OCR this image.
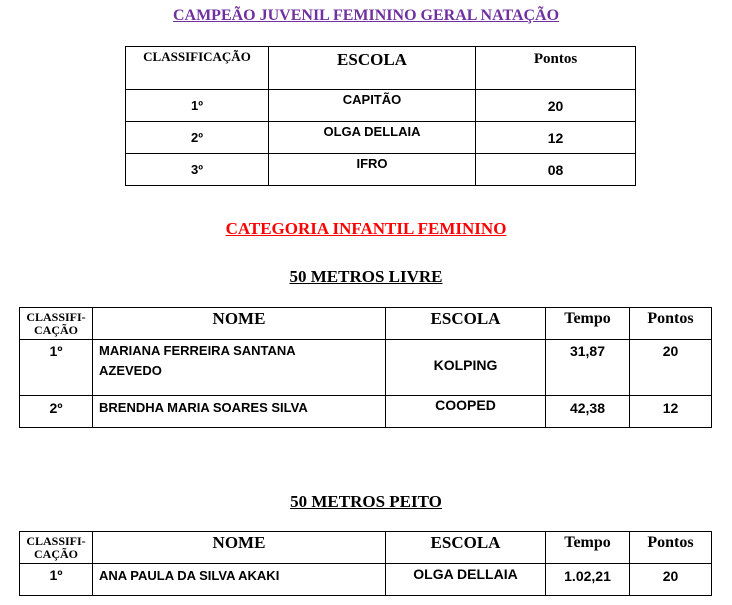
CAMPEÃO JUVENIL FEMININO GERAL NATAÇÃO
CLASSIFICAÇÃO	ESCOLA	Pontos
1º	CAPITÃO	20
2º	OLGA DELLAIA	12
3º	IFRO	08
CATEGORIA INFANTIL FEMININO
50 METROS LIVRE
CLASSIFI-
CAÇÃO	NOME	ESCOLA	Tempo	Pontos
1º	MARIANA FERREIRA SANTANA
AZEVEDO	KOLPING	31,87	20
2º	BRENDHA MARIA SOARES SILVA	COOPED	42,38	12
50 METROS PEITO
CLASSIFI-
CAÇÃO	NOME	ESCOLA	Tempo	Pontos
1º	ANA PAULA DA SILVA AKAKI	OLGA DELLAIA	1.02,21	20
